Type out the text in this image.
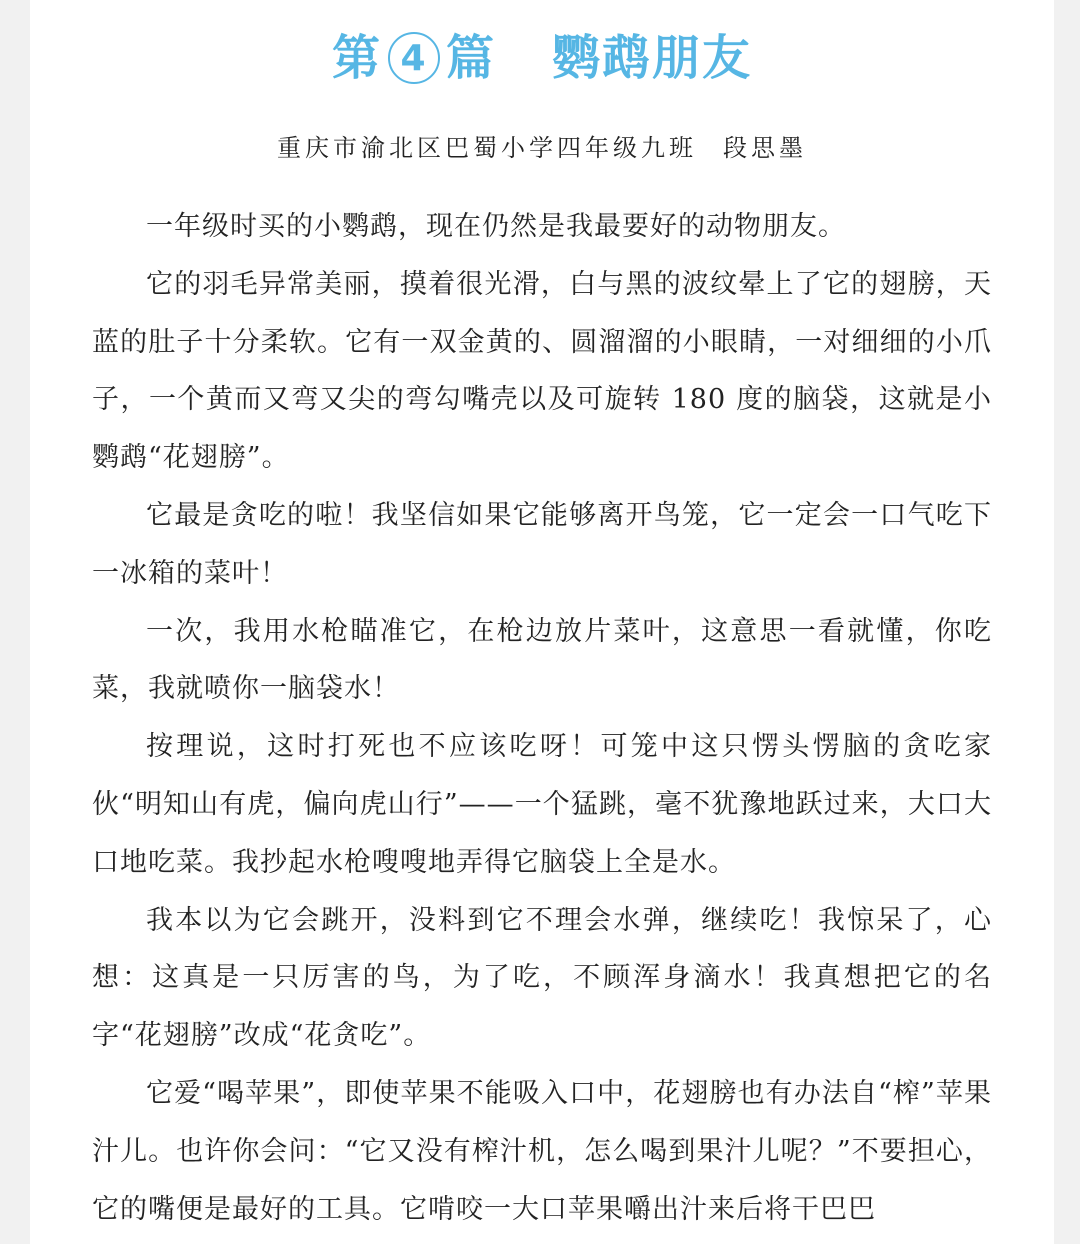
第 4 篇 鹦鹉朋友
重庆市渝北区巴蜀小学四年级九班 段思墨

一年级时买的小鹦鹉，现在仍然是我最要好的动物朋友。

它的羽毛异常美丽，摸着很光滑，白与黑的波纹晕上了它的翅膀，天蓝的肚子十分柔软。它有一双金黄的、圆溜溜的小眼睛，一对细细的小爪子，一个黄而又弯又尖的弯勾嘴壳以及可旋转 180 度的脑袋，这就是小鹦鹉“花翅膀”。

它最是贪吃的啦！我坚信如果它能够离开鸟笼，它一定会一口气吃下一冰箱的菜叶！

一次，我用水枪瞄准它，在枪边放片菜叶，这意思一看就懂，你吃菜，我就喷你一脑袋水！

按理说，这时打死也不应该吃呀！可笼中这只愣头愣脑的贪吃家伙“明知山有虎，偏向虎山行”——一个猛跳，毫不犹豫地跃过来，大口大口地吃菜。我抄起水枪嗖嗖地弄得它脑袋上全是水。

我本以为它会跳开，没料到它不理会水弹，继续吃！我惊呆了，心想：这真是一只厉害的鸟，为了吃，不顾浑身滴水！我真想把它的名字“花翅膀”改成“花贪吃”。

它爱“喝苹果”，即使苹果不能吸入口中，花翅膀也有办法自“榨”苹果汁儿。也许你会问：“它又没有榨汁机，怎么喝到果汁儿呢？”不要担心，它的嘴便是最好的工具。它啃咬一大口苹果嚼出汁来后将干巴巴
